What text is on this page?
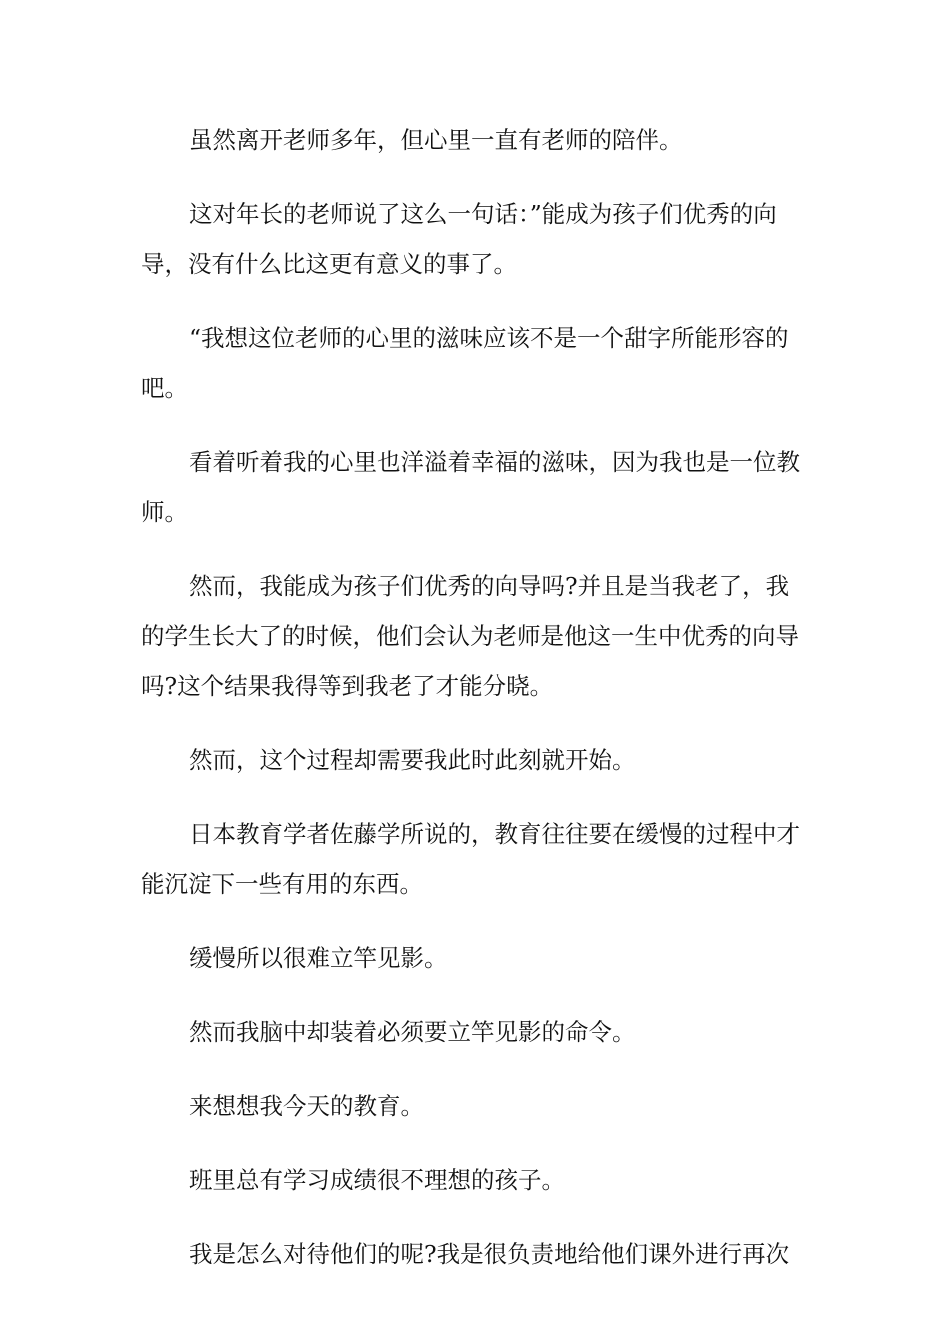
虽然离开老师多年，但心里一直有老师的陪伴。

这对年长的老师说了这么一句话：”能成为孩子们优秀的向导，没有什么比这更有意义的事了。

“我想这位老师的心里的滋味应该不是一个甜字所能形容的吧。

看着听着我的心里也洋溢着幸福的滋味，因为我也是一位教师。

然而，我能成为孩子们优秀的向导吗?并且是当我老了，我的学生长大了的时候，他们会认为老师是他这一生中优秀的向导吗?这个结果我得等到我老了才能分晓。

然而，这个过程却需要我此时此刻就开始。

日本教育学者佐藤学所说的，教育往往要在缓慢的过程中才能沉淀下一些有用的东西。

缓慢所以很难立竿见影。

然而我脑中却装着必须要立竿见影的命令。

来想想我今天的教育。

班里总有学习成绩很不理想的孩子。

我是怎么对待他们的呢?我是很负责地给他们课外进行再次
